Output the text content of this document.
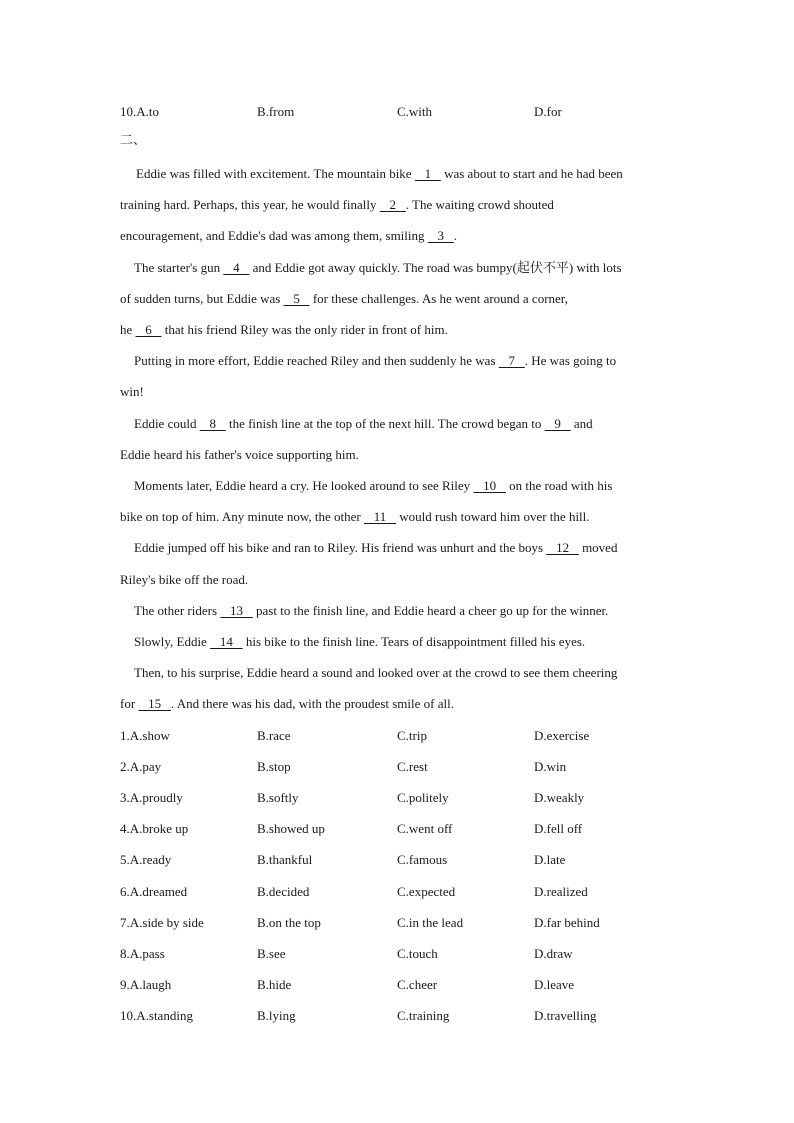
10.A.to	B.from	C.with	D.for
二、
Eddie was filled with excitement. The mountain bike    1    was about to start and he had been
training hard. Perhaps, this year, he would finally    2   . The waiting crowd shouted
encouragement, and Eddie's dad was among them, smiling    3   .
The starter's gun    4    and Eddie got away quickly. The road was bumpy(起伏不平) with lots
of sudden turns, but Eddie was    5    for these challenges. As he went around a corner,
he    6    that his friend Riley was the only rider in front of him.
Putting in more effort, Eddie reached Riley and then suddenly he was    7   . He was going to
win!
Eddie could    8    the finish line at the top of the next hill. The crowd began to    9    and
Eddie heard his father's voice supporting him.
Moments later, Eddie heard a cry. He looked around to see Riley    10    on the road with his
bike on top of him. Any minute now, the other    11    would rush toward him over the hill.
Eddie jumped off his bike and ran to Riley. His friend was unhurt and the boys    12    moved
Riley's bike off the road.
The other riders    13    past to the finish line, and Eddie heard a cheer go up for the winner.
Slowly, Eddie    14    his bike to the finish line. Tears of disappointment filled his eyes.
Then, to his surprise, Eddie heard a sound and looked over at the crowd to see them cheering
for    15   . And there was his dad, with the proudest smile of all.
1.A.show	B.race	C.trip	D.exercise
2.A.pay	B.stop	C.rest	D.win
3.A.proudly	B.softly	C.politely	D.weakly
4.A.broke up	B.showed up	C.went off	D.fell off
5.A.ready	B.thankful	C.famous	D.late
6.A.dreamed	B.decided	C.expected	D.realized
7.A.side by side	B.on the top	C.in the lead	D.far behind
8.A.pass	B.see	C.touch	D.draw
9.A.laugh	B.hide	C.cheer	D.leave
10.A.standing	B.lying	C.training	D.travelling
